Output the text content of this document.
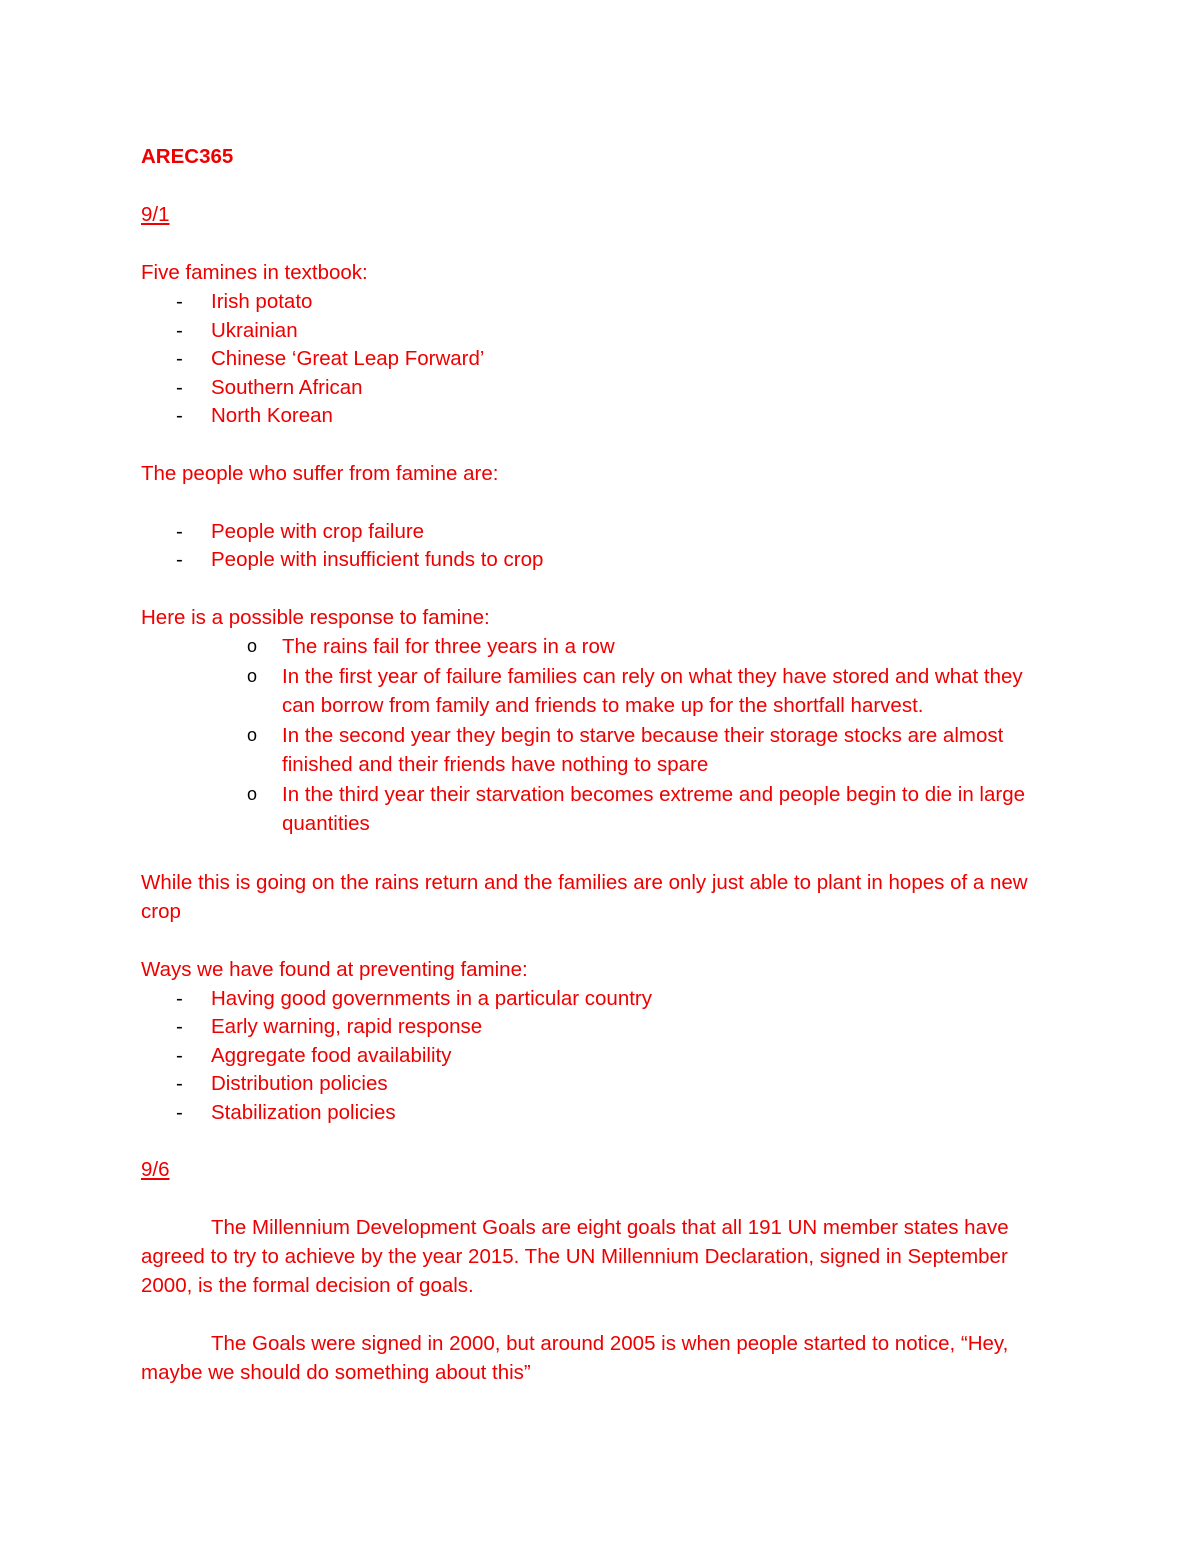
AREC365
9/1

Five famines in textbook:

- Irish potato
- Ukrainian
- Chinese ‘Great Leap Forward’
- Southern African
- North Korean

The people who suffer from famine are:

- People with crop failure
- People with insufficient funds to crop

Here is a possible response to famine:

o The rains fail for three years in a row
o In the first year of failure families can rely on what they have stored and what they can borrow from family and friends to make up for the shortfall harvest.
o In the second year they begin to starve because their storage stocks are almost finished and their friends have nothing to spare
o In the third year their starvation becomes extreme and people begin to die in large quantities

While this is going on the rains return and the families are only just able to plant in hopes of a new crop

Ways we have found at preventing famine:

- Having good governments in a particular country
- Early warning, rapid response
- Aggregate food availability
- Distribution policies
- Stabilization policies
9/6

The Millennium Development Goals are eight goals that all 191 UN member states have agreed to try to achieve by the year 2015. The UN Millennium Declaration, signed in September 2000, is the formal decision of goals.

The Goals were signed in 2000, but around 2005 is when people started to notice, “Hey, maybe we should do something about this”
